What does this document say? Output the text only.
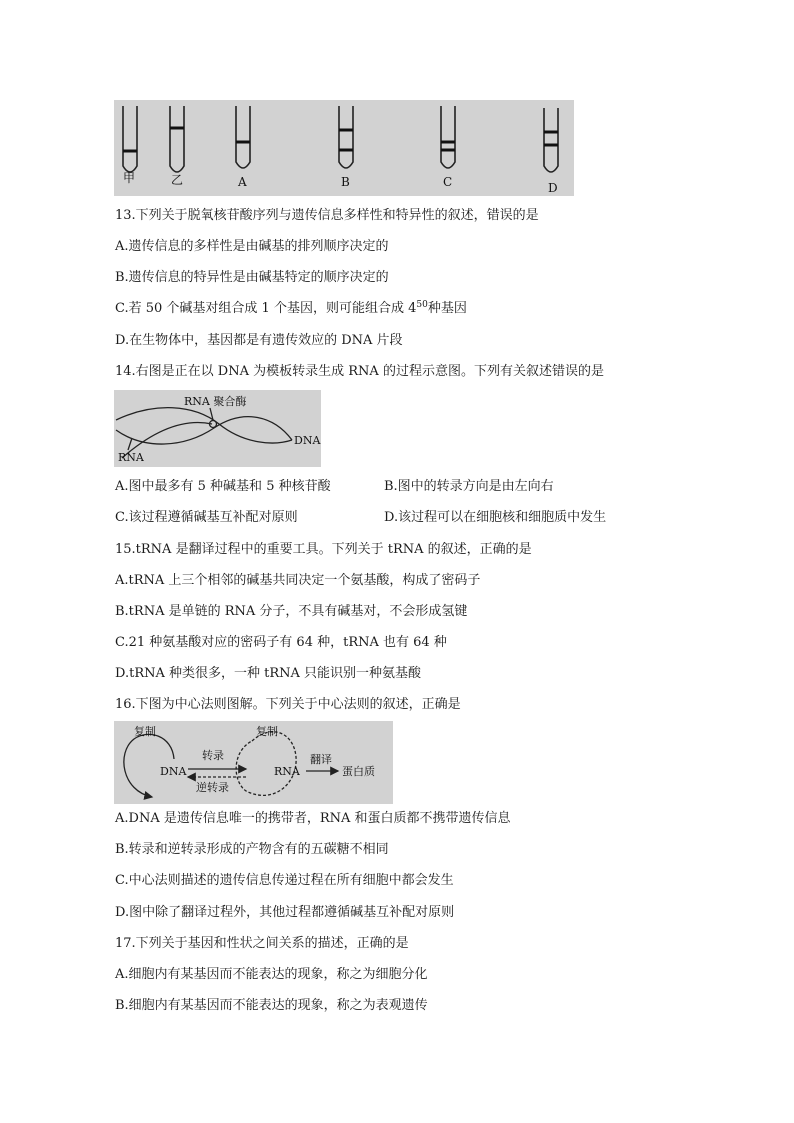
甲	乙	A	B	C	D
13.下列关于脱氧核苷酸序列与遗传信息多样性和特异性的叙述，错误的是
A.遗传信息的多样性是由碱基的排列顺序决定的
B.遗传信息的特异性是由碱基特定的顺序决定的
C.若 50 个碱基对组合成 1 个基因，则可能组合成 $4^{50}$种基因
D.在生物体中，基因都是有遗传效应的 DNA 片段
14.右图是正在以 DNA 为模板转录生成 RNA 的过程示意图。下列有关叙述错误的是
RNA 聚合酶
DNA
RNA
A.图中最多有 5 种碱基和 5 种核苷酸	B.图中的转录方向是由左向右
C.该过程遵循碱基互补配对原则	D.该过程可以在细胞核和细胞质中发生
15.tRNA 是翻译过程中的重要工具。下列关于 tRNA 的叙述，正确的是
A.tRNA 上三个相邻的碱基共同决定一个氨基酸，构成了密码子
B.tRNA 是单链的 RNA 分子，不具有碱基对，不会形成氢键
C.21 种氨基酸对应的密码子有 64 种，tRNA 也有 64 种
D.tRNA 种类很多，一种 tRNA 只能识别一种氨基酸
16.下图为中心法则图解。下列关于中心法则的叙述，正确是
复制
DNA
转录
逆转录
复制
RNA
翻译
蛋白质
A.DNA 是遗传信息唯一的携带者，RNA 和蛋白质都不携带遗传信息
B.转录和逆转录形成的产物含有的五碳糖不相同
C.中心法则描述的遗传信息传递过程在所有细胞中都会发生
D.图中除了翻译过程外，其他过程都遵循碱基互补配对原则
17.下列关于基因和性状之间关系的描述，正确的是
A.细胞内有某基因而不能表达的现象，称之为细胞分化
B.细胞内有某基因而不能表达的现象，称之为表观遗传
